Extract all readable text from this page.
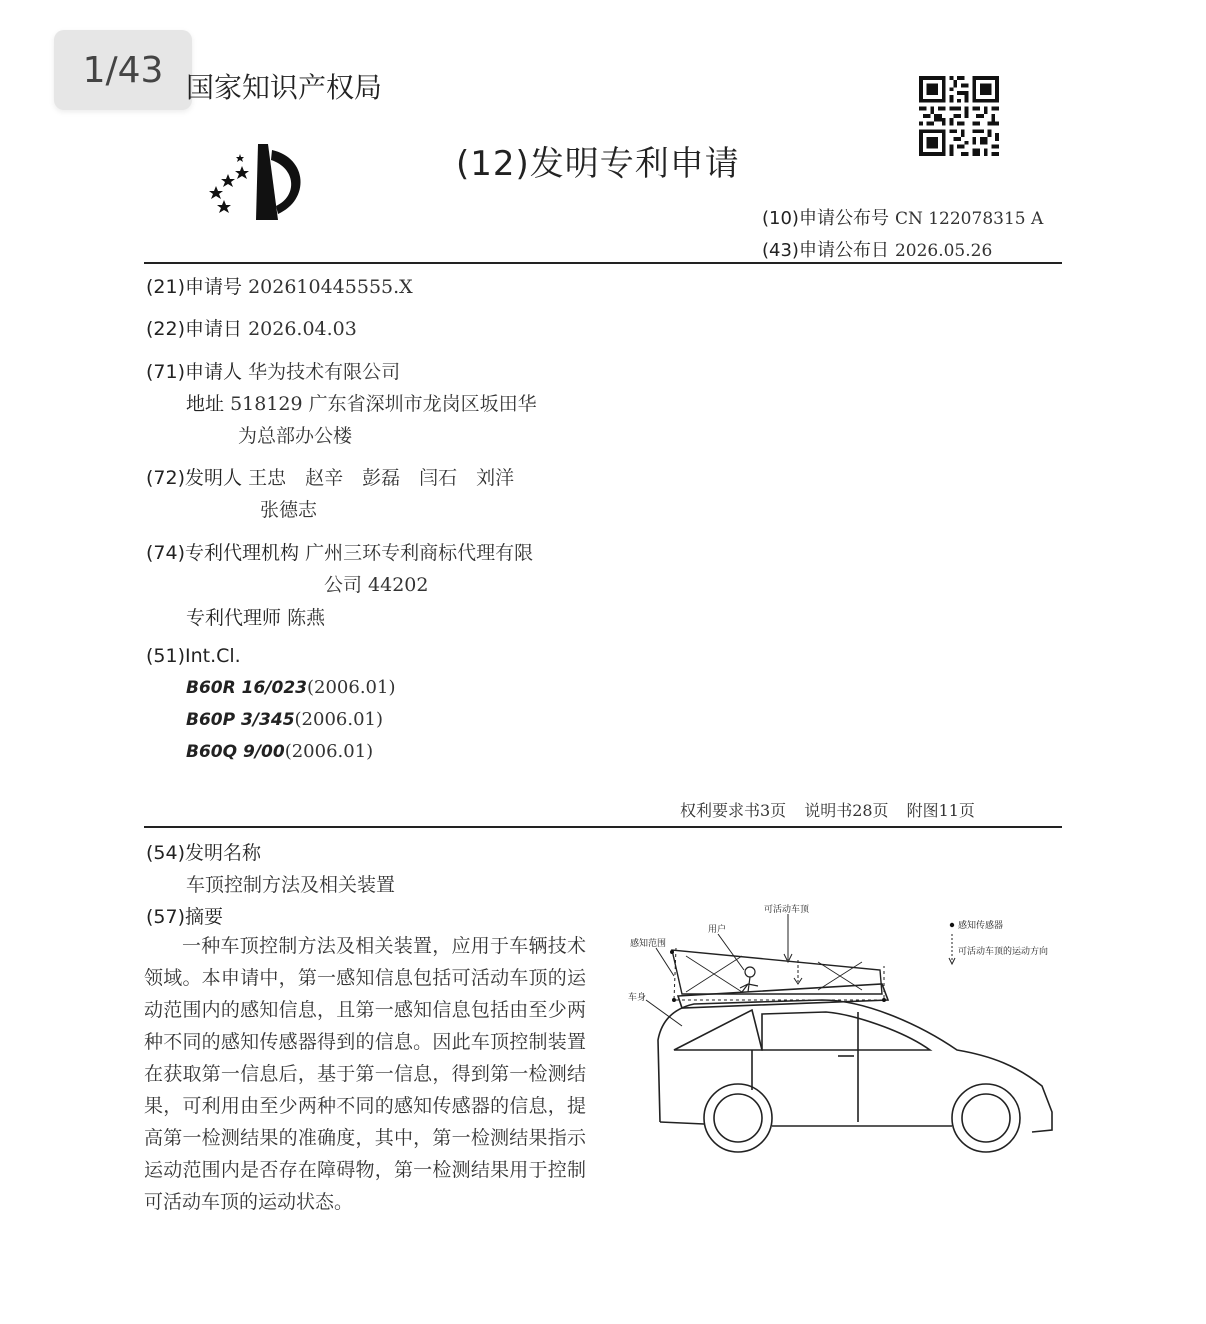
1/43 国家知识产权局
(12)发明专利申请
(10)申请公布号 CN 122078315 A
(43)申请公布日 2026.05.26
(21)申请号 202610445555.X
(22)申请日 2026.04.03
(71)申请人 华为技术有限公司
地址 518129 广东省深圳市龙岗区坂田华
为总部办公楼
(72)发明人 王忠　赵辛　彭磊　闫石　刘洋
张德志
(74)专利代理机构 广州三环专利商标代理有限
公司 44202
专利代理师 陈燕
(51)Int.Cl.
B60R 16/023(2006.01)
B60P 3/345(2006.01)
B60Q 9/00(2006.01)
权利要求书3页 说明书28页 附图11页
(54)发明名称
车顶控制方法及相关装置
(57)摘要

一种车顶控制方法及相关装置，应用于车辆技术领域。本申请中，第一感知信息包括可活动车顶的运动范围内的感知信息，且第一感知信息包括由至少两种不同的感知传感器得到的信息。因此车顶控制装置在获取第一信息后，基于第一信息，得到第一检测结果，可利用由至少两种不同的感知传感器的信息，提高第一检测结果的准确度，其中，第一检测结果指示运动范围内是否存在障碍物，第一检测结果用于控制可活动车顶的运动状态。

可活动车顶
用户
感知范围
车身
感知传感器
可活动车顶的运动方向
